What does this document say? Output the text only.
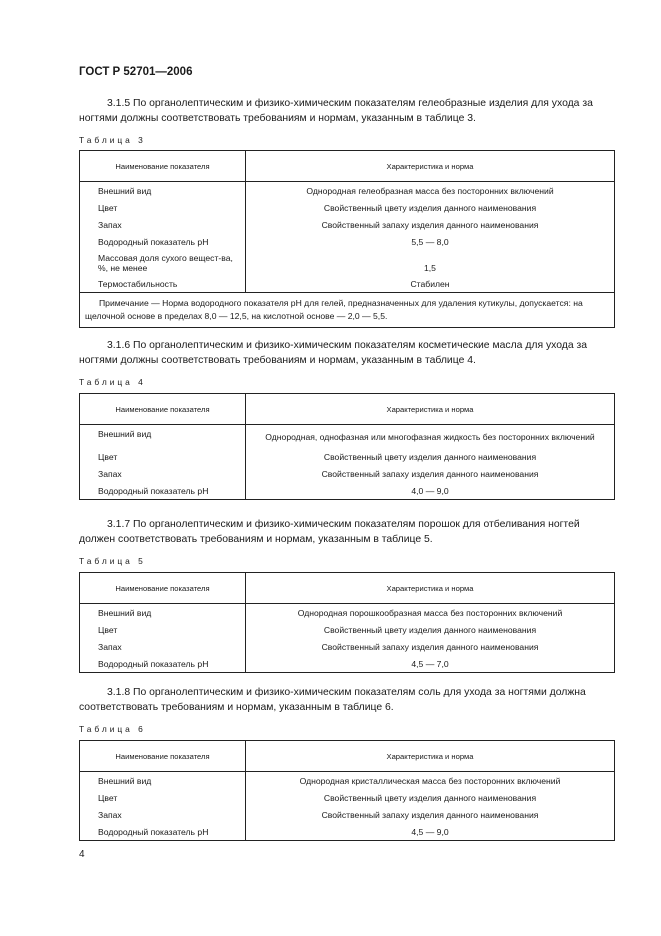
ГОСТ Р 52701—2006
3.1.5 По органолептическим и физико-химическим показателям гелеобразные изделия для ухода за ногтями должны соответствовать требованиям и нормам, указанным в таблице 3.
Таблица 3
Наименование показателя	Характеристика и норма
Внешний вид	Однородная гелеобразная масса без посторонних включений
Цвет	Свойственный цвету изделия данного наименования
Запах	Свойственный запаху изделия данного наименования
Водородный показатель рН	5,5 — 8,0
Массовая доля сухого вещест-ва, %, не менее	1,5
Термостабильность	Стабилен
Примечание — Норма водородного показателя рН для гелей, предназначенных для удаления кутикулы, допускается: на щелочной основе в пределах 8,0 — 12,5, на кислотной основе — 2,0 — 5,5.	
3.1.6 По органолептическим и физико-химическим показателям косметические масла для ухода за ногтями должны соответствовать требованиям и нормам, указанным в таблице 4.
Таблица 4
Наименование показателя	Характеристика и норма
Внешний вид	Однородная, однофазная или многофазная жидкость без посторонних включений
Цвет	Свойственный цвету изделия данного наименования
Запах	Свойственный запаху изделия данного наименования
Водородный показатель рН	4,0 — 9,0
3.1.7 По органолептическим и физико-химическим показателям порошок для отбеливания ногтей должен соответствовать требованиям и нормам, указанным в таблице 5.
Таблица 5
Наименование показателя	Характеристика и норма
Внешний вид	Однородная порошкообразная масса без посторонних включений
Цвет	Свойственный цвету изделия данного наименования
Запах	Свойственный запаху изделия данного наименования
Водородный показатель рН	4,5 — 7,0
3.1.8 По органолептическим и физико-химическим показателям соль для ухода за ногтями должна соответствовать требованиям и нормам, указанным в таблице 6.
Таблица 6
Наименование показателя	Характеристика и норма
Внешний вид	Однородная кристаллическая масса без посторонних включений
Цвет	Свойственный цвету изделия данного наименования
Запах	Свойственный запаху изделия данного наименования
Водородный показатель рН	4,5 — 9,0
4
